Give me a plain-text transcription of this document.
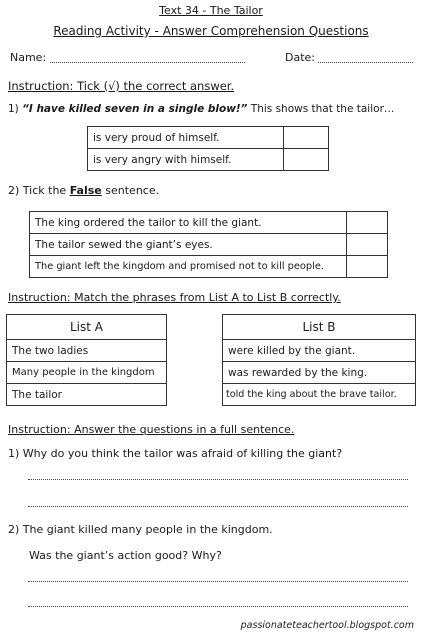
Text 34 - The Tailor
Reading Activity - Answer Comprehension Questions
Name:	Date:
Instruction: Tick (√) the correct answer.
1) “I have killed seven in a single blow!” This shows that the tailor…
is very proud of himself.	
is very angry with himself.	
2) Tick the False sentence.
The king ordered the tailor to kill the giant.	
The tailor sewed the giant’s eyes.	
The giant left the kingdom and promised not to kill people.	
Instruction: Match the phrases from List A to List B correctly.
List A
The two ladies
Many people in the kingdom
The tailor
List B
were killed by the giant.
was rewarded by the king.
told the king about the brave tailor.
Instruction: Answer the questions in a full sentence.
1) Why do you think the tailor was afraid of killing the giant?
2) The giant killed many people in the kingdom.
Was the giant’s action good? Why?
passionateteachertool.blogspot.com
